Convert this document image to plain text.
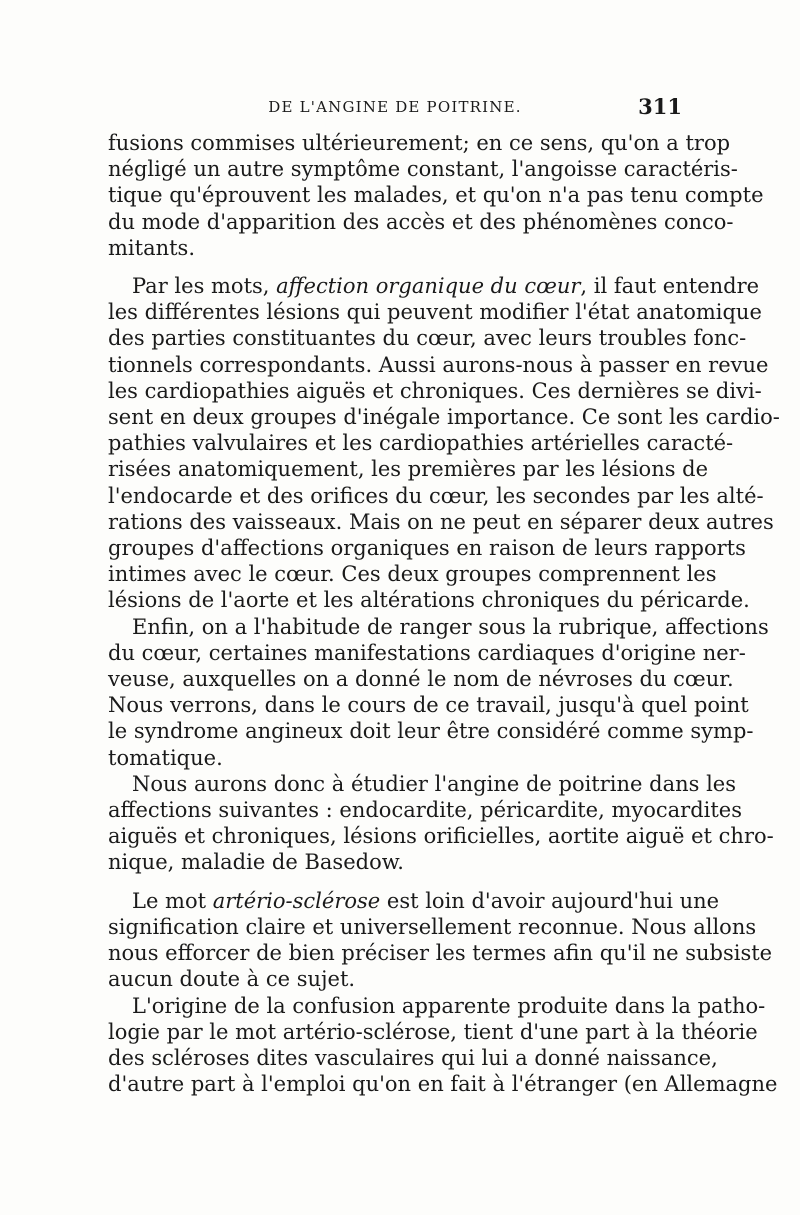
DE L'ANGINE DE POITRINE.	311
fusions commises ultérieurement; en ce sens, qu'on a trop
négligé un autre symptôme constant, l'angoisse caractéris-
tique qu'éprouvent les malades, et qu'on n'a pas tenu compte
du mode d'apparition des accès et des phénomènes conco-
mitants.
Par les mots, affection organique du cœur, il faut entendre
les différentes lésions qui peuvent modifier l'état anatomique
des parties constituantes du cœur, avec leurs troubles fonc-
tionnels correspondants. Aussi aurons-nous à passer en revue
les cardiopathies aiguës et chroniques. Ces dernières se divi-
sent en deux groupes d'inégale importance. Ce sont les cardio-
pathies valvulaires et les cardiopathies artérielles caracté-
risées anatomiquement, les premières par les lésions de
l'endocarde et des orifices du cœur, les secondes par les alté-
rations des vaisseaux. Mais on ne peut en séparer deux autres
groupes d'affections organiques en raison de leurs rapports
intimes avec le cœur. Ces deux groupes comprennent les
lésions de l'aorte et les altérations chroniques du péricarde.
Enfin, on a l'habitude de ranger sous la rubrique, affections
du cœur, certaines manifestations cardiaques d'origine ner-
veuse, auxquelles on a donné le nom de névroses du cœur.
Nous verrons, dans le cours de ce travail, jusqu'à quel point
le syndrome angineux doit leur être considéré comme symp-
tomatique.
Nous aurons donc à étudier l'angine de poitrine dans les
affections suivantes : endocardite, péricardite, myocardites
aiguës et chroniques, lésions orificielles, aortite aiguë et chro-
nique, maladie de Basedow.
Le mot artério-sclérose est loin d'avoir aujourd'hui une
signification claire et universellement reconnue. Nous allons
nous efforcer de bien préciser les termes afin qu'il ne subsiste
aucun doute à ce sujet.
L'origine de la confusion apparente produite dans la patho-
logie par le mot artério-sclérose, tient d'une part à la théorie
des scléroses dites vasculaires qui lui a donné naissance,
d'autre part à l'emploi qu'on en fait à l'étranger (en Allemagne
